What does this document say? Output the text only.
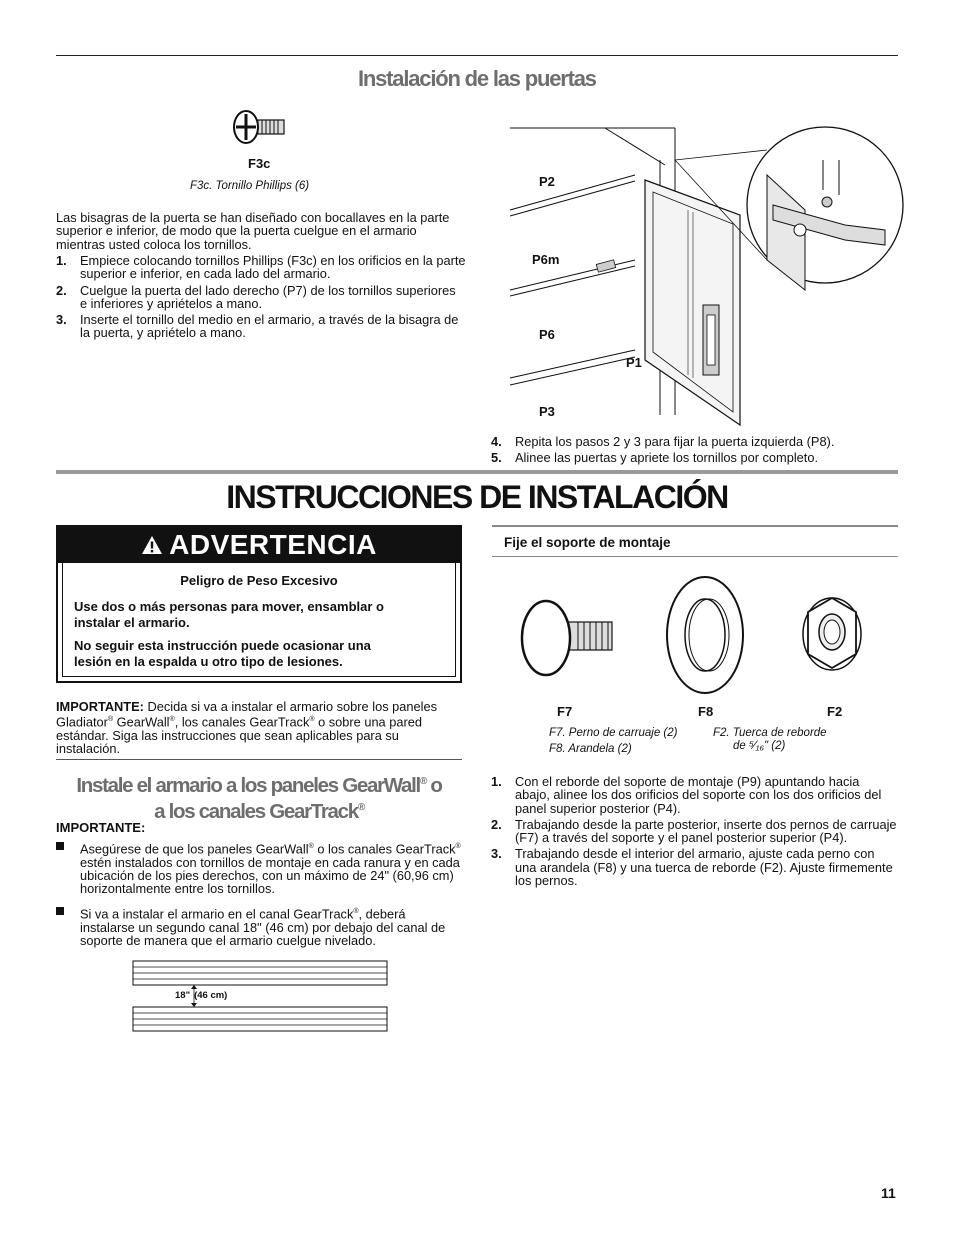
Instalación de las puertas
F3c
F3c. Tornillo Phillips (6)
Las bisagras de la puerta se han diseñado con bocallaves en la parte superior e inferior, de modo que la puerta cuelgue en el armario mientras usted coloca los tornillos.
1. Empiece colocando tornillos Phillips (F3c) en los orificios en la parte superior e inferior, en cada lado del armario.
2. Cuelgue la puerta del lado derecho (P7) de los tornillos superiores e inferiores y apriételos a mano.
3. Inserte el tornillo del medio en el armario, a través de la bisagra de la puerta, y apriételo a mano.
P2
P6m
P6
P1
P3
4. Repita los pasos 2 y 3 para fijar la puerta izquierda (P8).
5. Alinee las puertas y apriete los tornillos por completo.
INSTRUCCIONES DE INSTALACIÓN
ADVERTENCIA
Peligro de Peso Excesivo
Use dos o más personas para mover, ensamblar o instalar el armario.
No seguir esta instrucción puede ocasionar una lesión en la espalda u otro tipo de lesiones.
IMPORTANTE: Decida si va a instalar el armario sobre los paneles Gladiator® GearWall®, los canales GearTrack® o sobre una pared estándar. Siga las instrucciones que sean aplicables para su instalación.
Instale el armario a los paneles GearWall® o
a los canales GearTrack®
IMPORTANTE:
Asegúrese de que los paneles GearWall® o los canales GearTrack® estén instalados con tornillos de montaje en cada ranura y en cada ubicación de los pies derechos, con un máximo de 24" (60,96 cm) horizontalmente entre los tornillos.
Si va a instalar el armario en el canal GearTrack®, deberá instalarse un segundo canal 18" (46 cm) por debajo del canal de soporte de manera que el armario cuelgue nivelado.
18" (46 cm)
Fije el soporte de montaje
F7	F8	F2
F7. Perno de carruaje (2)
F8. Arandela (2)
F2. Tuerca de reborde
de ⁵⁄₁₆" (2)
1. Con el reborde del soporte de montaje (P9) apuntando hacia abajo, alinee los dos orificios del soporte con los dos orificios del panel superior posterior (P4).
2. Trabajando desde la parte posterior, inserte dos pernos de carruaje (F7) a través del soporte y el panel posterior superior (P4).
3. Trabajando desde el interior del armario, ajuste cada perno con una arandela (F8) y una tuerca de reborde (F2). Ajuste firmemente los pernos.
11
